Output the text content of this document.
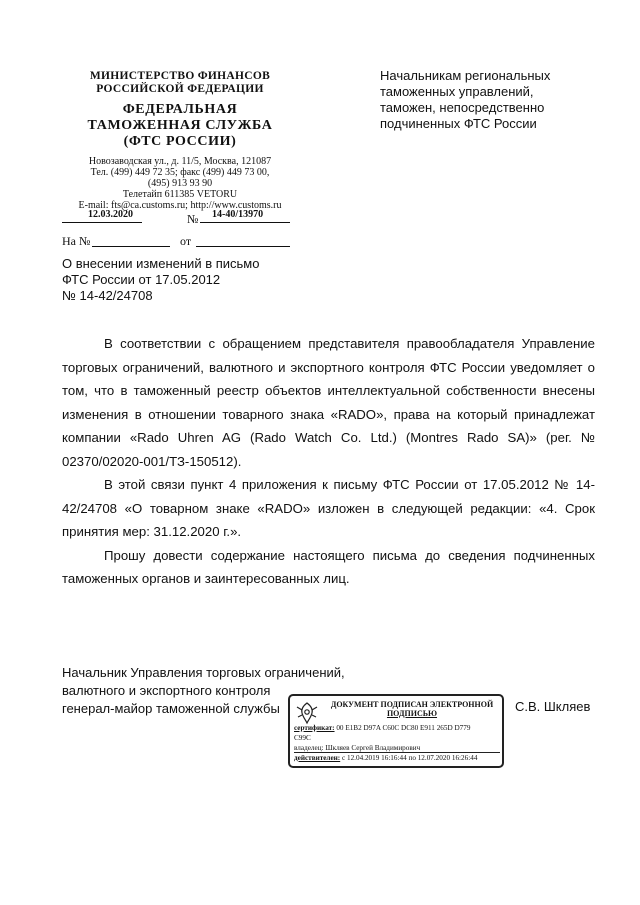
МИНИСТЕРСТВО ФИНАНСОВ
РОССИЙСКОЙ ФЕДЕРАЦИИ
ФЕДЕРАЛЬНАЯ
ТАМОЖЕННАЯ СЛУЖБА
(ФТС РОССИИ)
Новозаводская ул., д. 11/5, Москва, 121087
Тел. (499) 449 72 35; факс (499) 449 73 00,
(495) 913 93 90
Телетайп 611385 VETORU
E-mail: fts@ca.customs.ru; http://www.customs.ru
12.03.2020	№ 14-40/13970
На №	от
О внесении изменений в письмо
ФТС России от 17.05.2012
№ 14-42/24708
Начальникам региональных
таможенных управлений,
таможен, непосредственно
подчиненных ФТС России

В соответствии с обращением представителя правообладателя Управление торговых ограничений, валютного и экспортного контроля ФТС России уведомляет о том, что в таможенный реестр объектов интеллектуальной собственности внесены изменения в отношении товарного знака «RADO», права на который принадлежат компании «Rado Uhren AG (Rado Watch Co. Ltd.) (Montres Rado SA)» (рег. № 02370/02020-001/ТЗ-150512).

В этой связи пункт 4 приложения к письму ФТС России от 17.05.2012 № 14-42/24708 «О товарном знаке «RADO» изложен в следующей редакции: «4. Срок принятия мер: 31.12.2020 г.».

Прошу довести содержание настоящего письма до сведения подчиненных таможенных органов и заинтересованных лиц.

Начальник Управления торговых ограничений,
валютного и экспортного контроля
генерал-майор таможенной службы	ДОКУМЕНТ ПОДПИСАН ЭЛЕКТРОННОЙ
ПОДПИСЬЮ
сертификат: 00 E1B2 D97A C60C DC80 E911 265D D779
C99C
владелец: Шкляев Сергей Владимирович
действителен: с 12.04.2019 16:16:44 по 12.07.2020 16:26:44
С.В. Шкляев
